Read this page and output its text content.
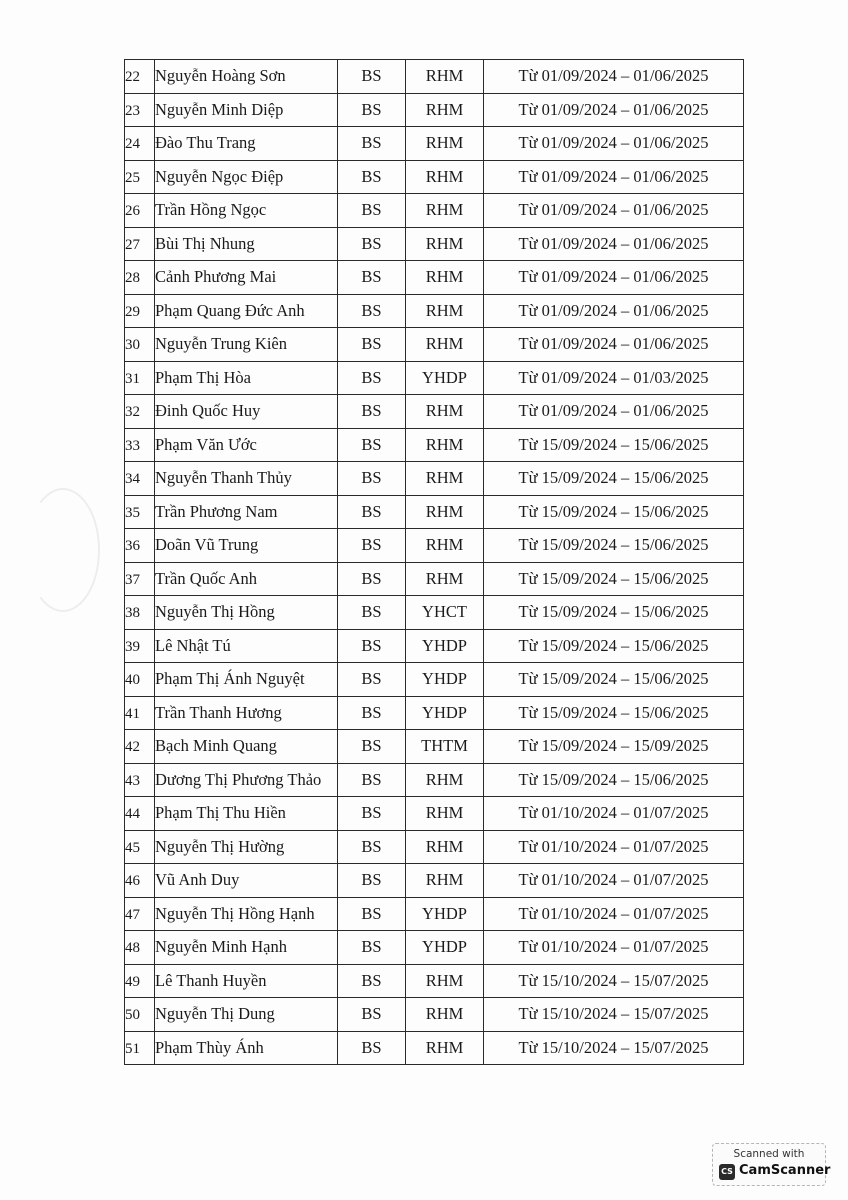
22	Nguyễn Hoàng Sơn	BS	RHM	Từ 01/09/2024 – 01/06/2025
23	Nguyễn Minh Diệp	BS	RHM	Từ 01/09/2024 – 01/06/2025
24	Đào Thu Trang	BS	RHM	Từ 01/09/2024 – 01/06/2025
25	Nguyễn Ngọc Điệp	BS	RHM	Từ 01/09/2024 – 01/06/2025
26	Trần Hồng Ngọc	BS	RHM	Từ 01/09/2024 – 01/06/2025
27	Bùi Thị Nhung	BS	RHM	Từ 01/09/2024 – 01/06/2025
28	Cảnh Phương Mai	BS	RHM	Từ 01/09/2024 – 01/06/2025
29	Phạm Quang Đức Anh	BS	RHM	Từ 01/09/2024 – 01/06/2025
30	Nguyễn Trung Kiên	BS	RHM	Từ 01/09/2024 – 01/06/2025
31	Phạm Thị Hòa	BS	YHDP	Từ 01/09/2024 – 01/03/2025
32	Đinh Quốc Huy	BS	RHM	Từ 01/09/2024 – 01/06/2025
33	Phạm Văn Ước	BS	RHM	Từ 15/09/2024 – 15/06/2025
34	Nguyễn Thanh Thủy	BS	RHM	Từ 15/09/2024 – 15/06/2025
35	Trần Phương Nam	BS	RHM	Từ 15/09/2024 – 15/06/2025
36	Doãn Vũ Trung	BS	RHM	Từ 15/09/2024 – 15/06/2025
37	Trần Quốc Anh	BS	RHM	Từ 15/09/2024 – 15/06/2025
38	Nguyễn Thị Hồng	BS	YHCT	Từ 15/09/2024 – 15/06/2025
39	Lê Nhật Tú	BS	YHDP	Từ 15/09/2024 – 15/06/2025
40	Phạm Thị Ánh Nguyệt	BS	YHDP	Từ 15/09/2024 – 15/06/2025
41	Trần Thanh Hương	BS	YHDP	Từ 15/09/2024 – 15/06/2025
42	Bạch Minh Quang	BS	THTM	Từ 15/09/2024 – 15/09/2025
43	Dương Thị Phương Thảo	BS	RHM	Từ 15/09/2024 – 15/06/2025
44	Phạm Thị Thu Hiền	BS	RHM	Từ 01/10/2024 – 01/07/2025
45	Nguyễn Thị Hường	BS	RHM	Từ 01/10/2024 – 01/07/2025
46	Vũ Anh Duy	BS	RHM	Từ 01/10/2024 – 01/07/2025
47	Nguyễn Thị Hồng Hạnh	BS	YHDP	Từ 01/10/2024 – 01/07/2025
48	Nguyễn Minh Hạnh	BS	YHDP	Từ 01/10/2024 – 01/07/2025
49	Lê Thanh Huyền	BS	RHM	Từ 15/10/2024 – 15/07/2025
50	Nguyễn Thị Dung	BS	RHM	Từ 15/10/2024 – 15/07/2025
51	Phạm Thùy Ánh	BS	RHM	Từ 15/10/2024 – 15/07/2025
Scanned with
CS CamScanner
